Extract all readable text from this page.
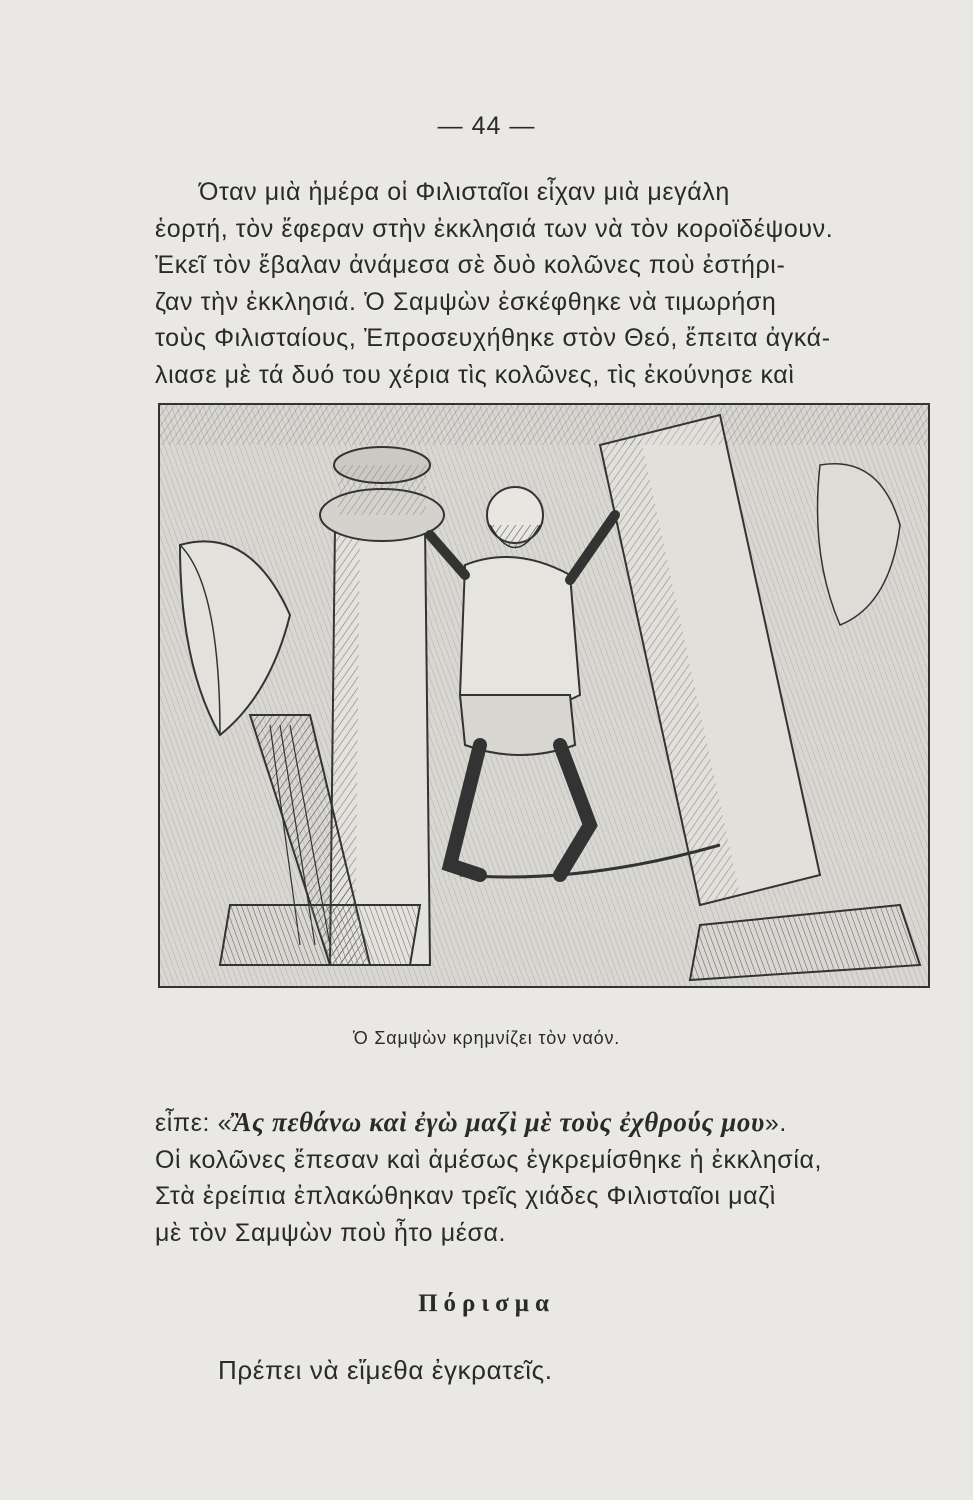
— 44 —

Όταν μιὰ ἡμέρα οἱ Φιλισταῖοι εἶχαν μιὰ μεγάλη
ἑορτή, τὸν ἔφεραν στὴν ἐκκλησιά των νὰ τὸν κοροϊδέψουν.
Ἐκεῖ τὸν ἔβαλαν ἀνάμεσα σὲ δυὸ κολῶνες ποὺ ἐστήρι-
ζαν τὴν ἐκκλησιά. Ὁ Σαμψὼν ἐσκέφθηκε νὰ τιμωρήση
τοὺς Φιλισταίους, Ἐπροσευχήθηκε στὸν Θεό, ἔπειτα ἀγκά-
λιασε μὲ τά δυό του χέρια τὶς κολῶνες, τὶς ἐκούνησε καὶ

Ὁ Σαμψὼν κρημνίζει τὸν ναόν.

εἶπε: «Ἂς πεθάνω καὶ ἐγὼ μαζὶ μὲ τοὺς ἐχθρούς μου».
Οἱ κολῶνες ἔπεσαν καὶ ἀμέσως ἐγκρεμίσθηκε ἡ ἐκκλησία,
Στὰ ἐρείπια ἐπλακώθηκαν τρεῖς χιάδες Φιλισταῖοι μαζὶ
μὲ τὸν Σαμψὼν ποὺ ἦτο μέσα.

Πόρισμα
Πρέπει νὰ εἴμεθα ἐγκρατεῖς.
